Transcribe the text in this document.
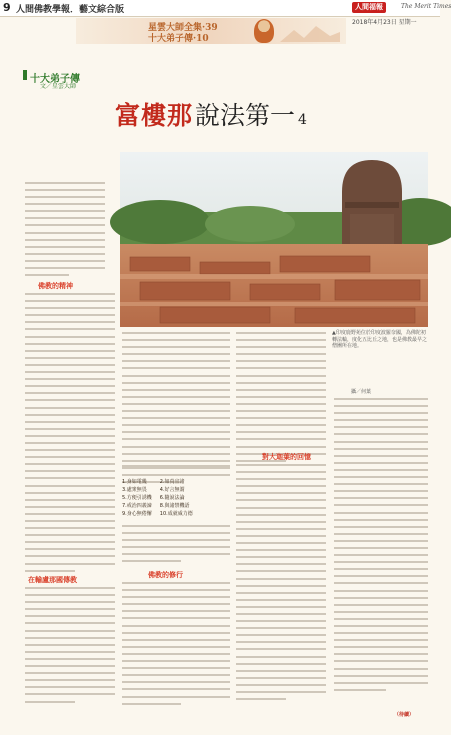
9 人間佛教學報．藝文綜合版	人間福報	The Merit Times
2018年4月23日 星期一
星雲大師全集·39
十大弟子傳·10
十大弟子傳
文／星雲大師
富樓那說法第一 4
▲印度鹿野苑位於印度波羅奈國，為佛陀初轉法輪，度化五比丘之地，也是佛教最早之僧團所在地。
攝／何葉
佛教的精神
在輸盧那國傳教
1.身如電幾
3.處衆無畏
5.方便引誘機
7.戒治四義諦
9.身心無倦懈
2.如真宜諸
4.好言無謂
6.隨說法論
8.與諸禁機語
10.成就威力德
佛教的修行
對大迦葉的回憶
（待續）
